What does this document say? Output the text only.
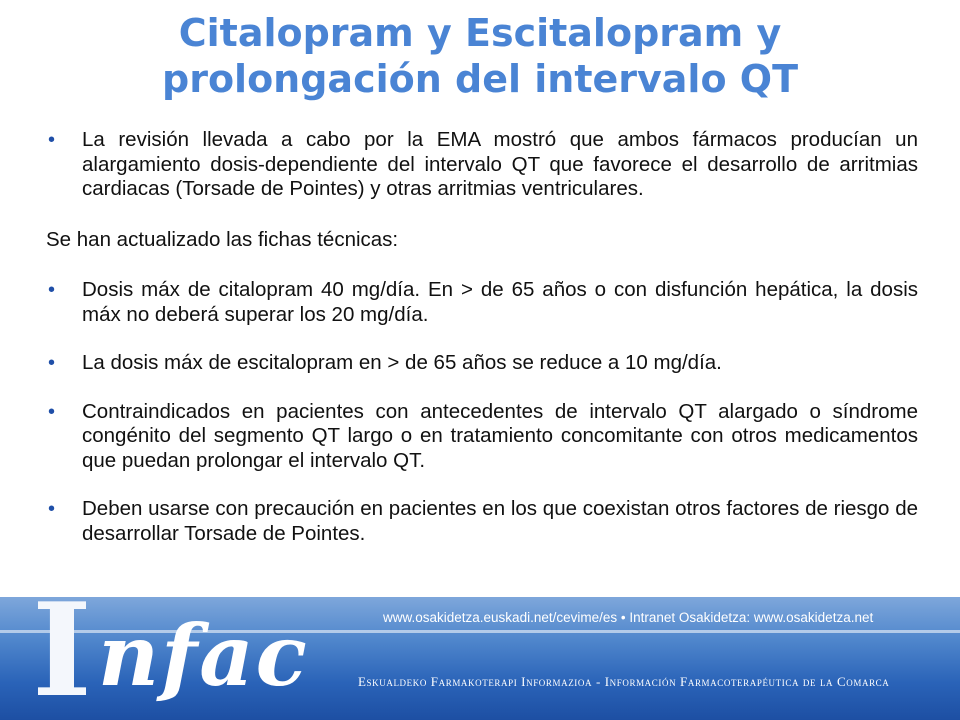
Citalopram y Escitalopram y
prolongación del intervalo QT

• La revisión llevada a cabo por la EMA mostró que ambos fármacos producían un alargamiento dosis-dependiente del intervalo QT que favorece el desarrollo de arritmias cardiacas (Torsade de Pointes) y otras arritmias ventriculares.

Se han actualizado las fichas técnicas:

• Dosis máx de citalopram 40 mg/día. En > de 65 años o con disfunción hepática, la dosis máx no deberá superar los 20 mg/día.

• La dosis máx de escitalopram en > de 65 años se reduce a 10 mg/día.

• Contraindicados en pacientes con antecedentes de intervalo QT alargado o síndrome congénito del segmento QT largo o en tratamiento concomitante con otros medicamentos que puedan prolongar el intervalo QT.

• Deben usarse con precaución en pacientes en los que coexistan otros factores de riesgo de desarrollar Torsade de Pointes.

I nfac	www.osakidetza.euskadi.net/cevime/es • Intranet Osakidetza: www.osakidetza.net
Eskualdeko Farmakoterapi Informazioa - Información Farmacoterapéutica de la Comarca
